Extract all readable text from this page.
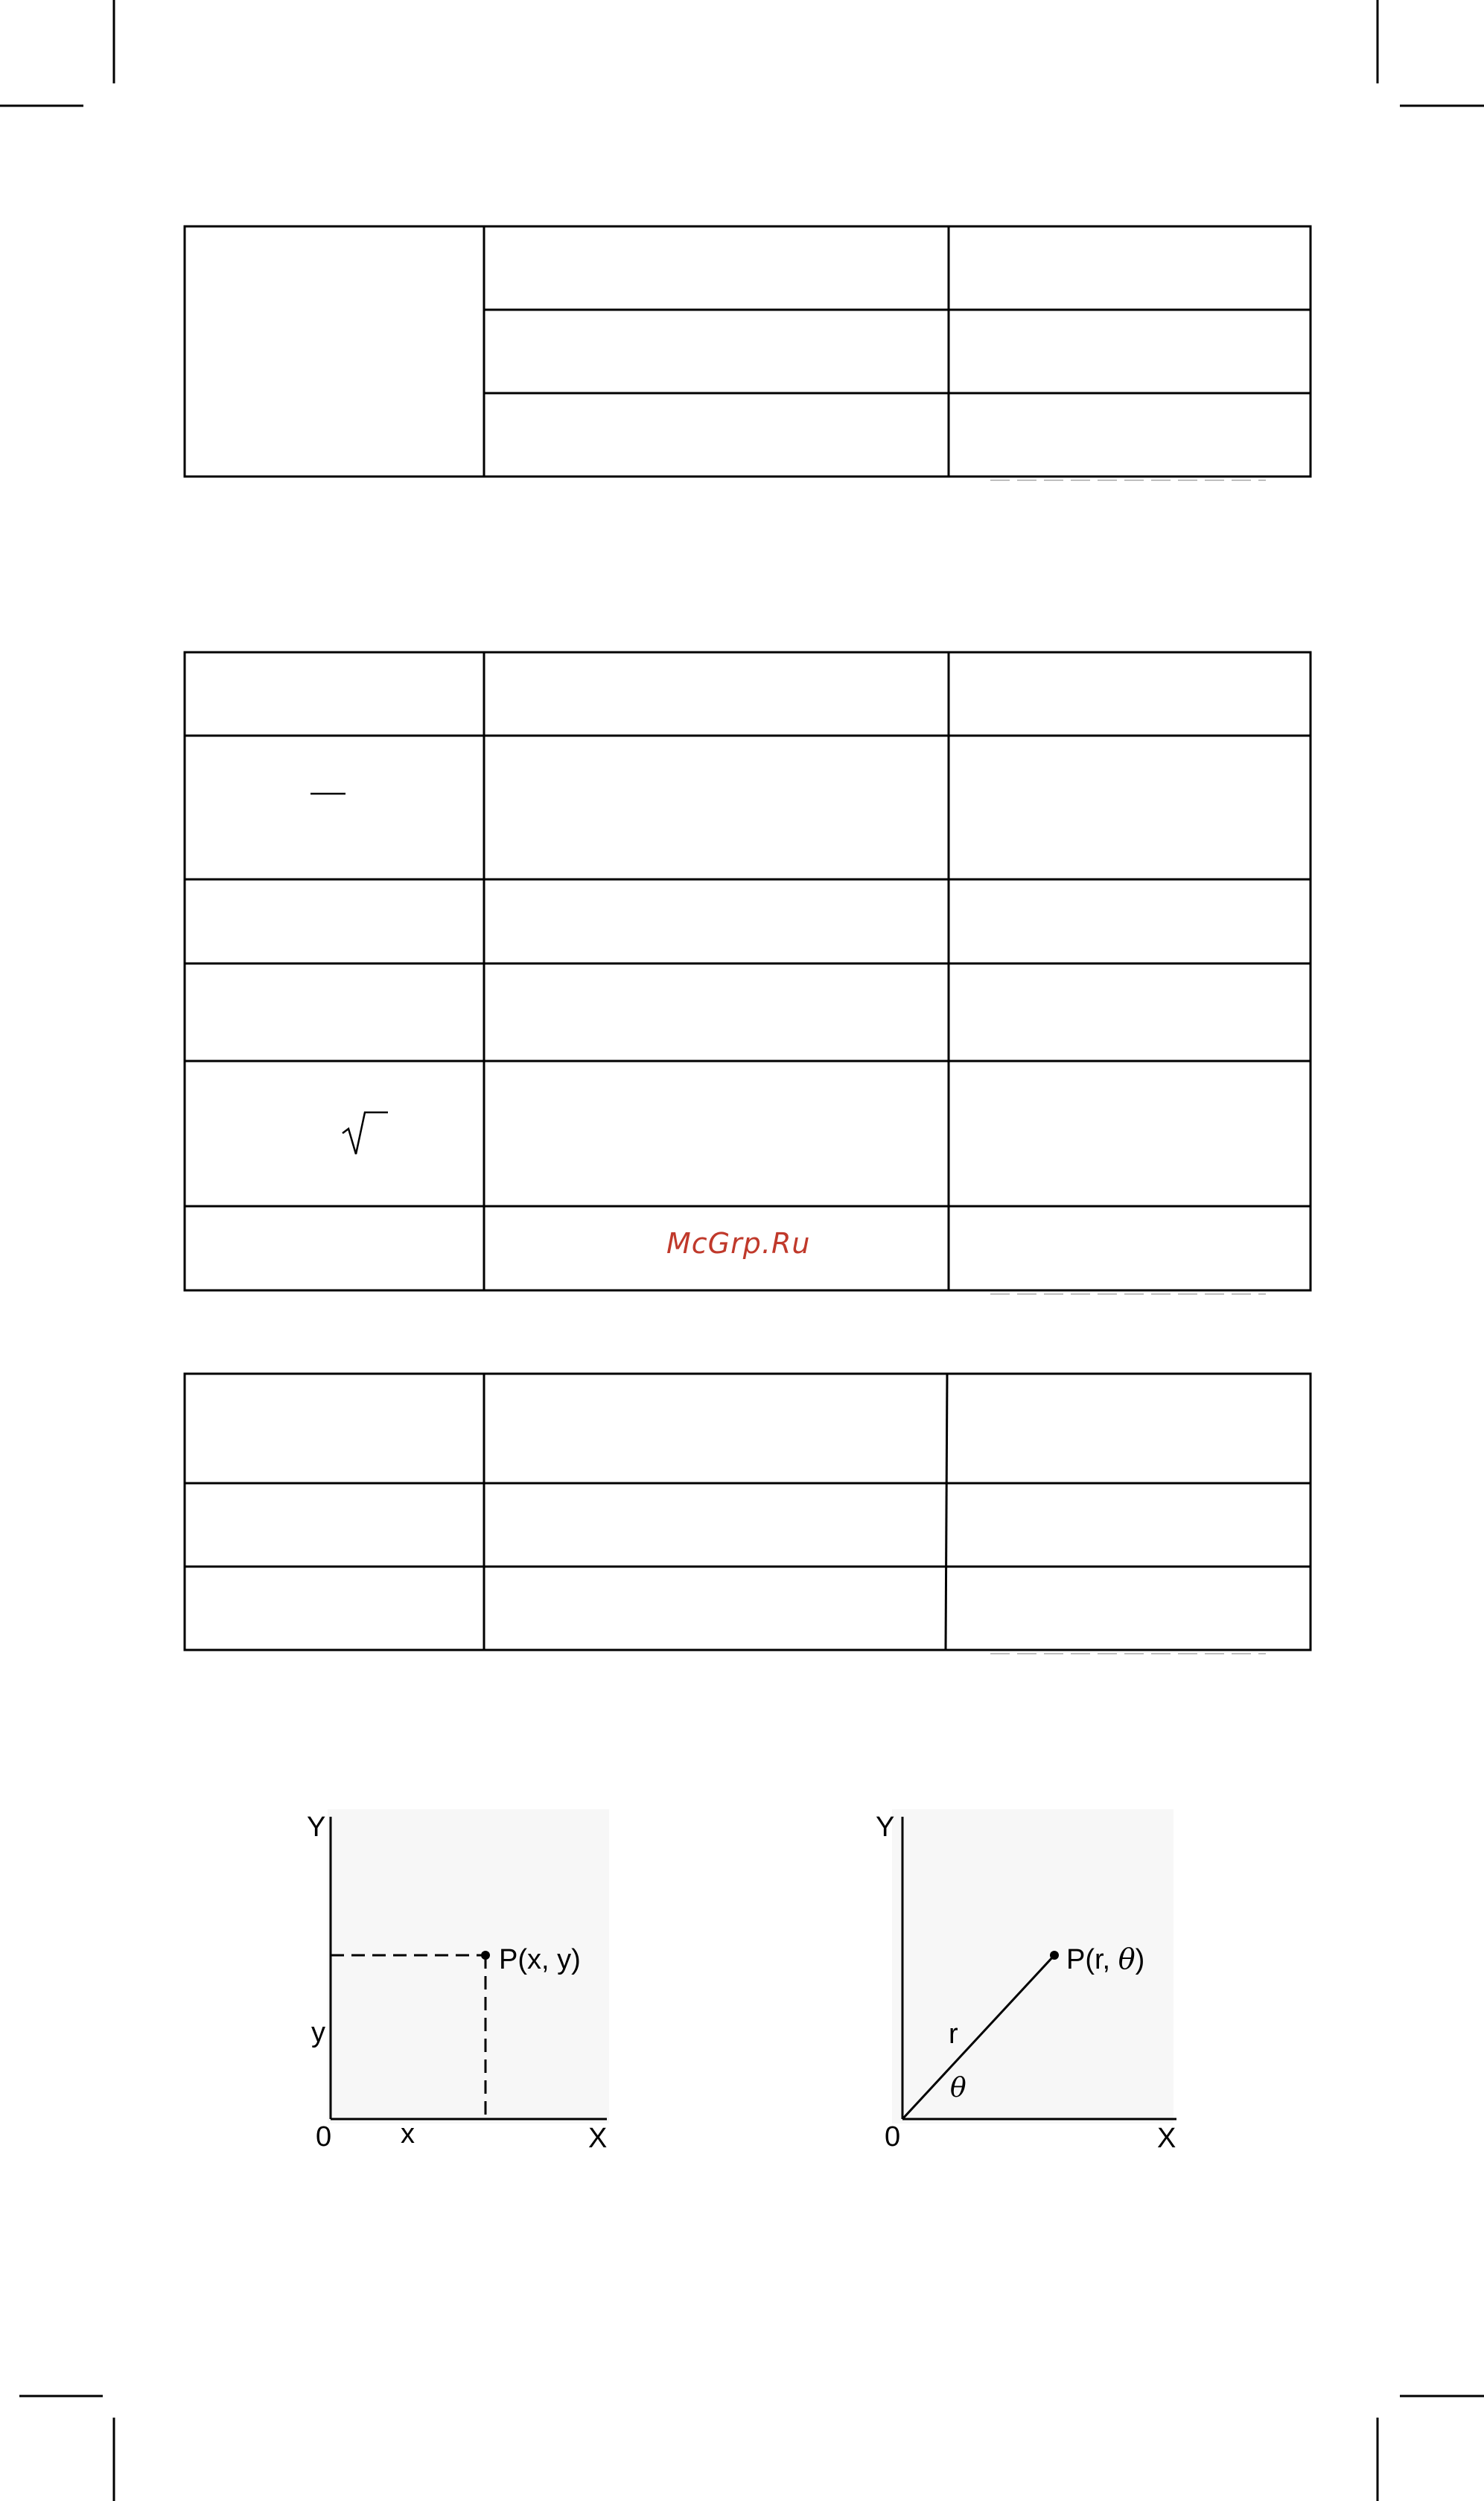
Y
P(x, y)
y
0 x	X
Y
P(r, θ)
r
θ
0	X
McGrp.Ru
